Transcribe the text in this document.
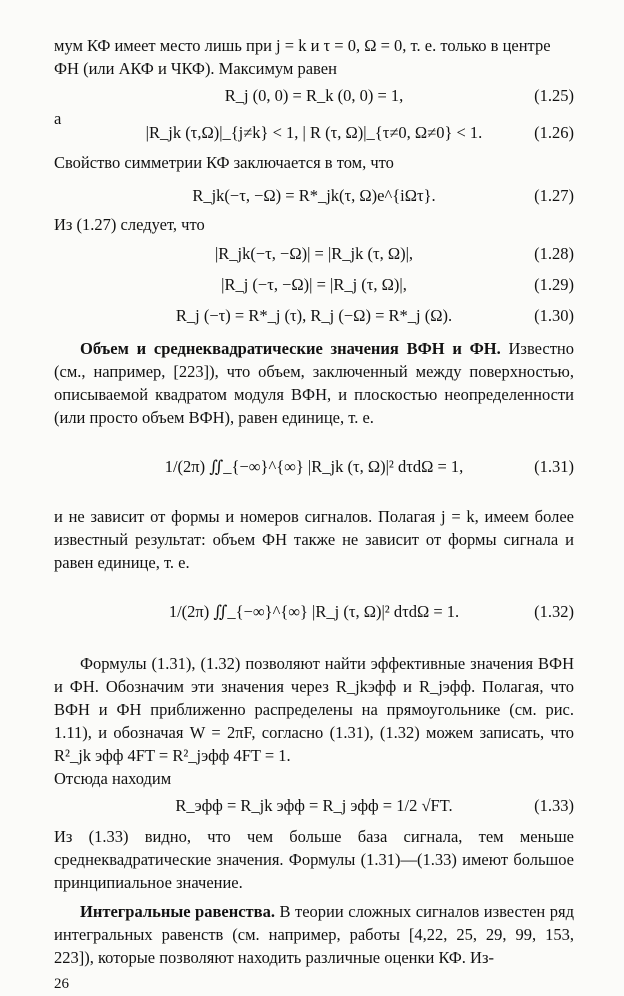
мум КФ имеет место лишь при j = k и τ = 0, Ω = 0, т. е. только в центре ФН (или АКФ и ЧКФ). Максимум равен

R_j (0, 0) = R_k (0, 0) = 1,	(1.25)
а
|R_jk (τ,Ω)|_{j≠k} < 1, | R (τ, Ω)|_{τ≠0, Ω≠0} < 1.	(1.26)

Свойство симметрии КФ заключается в том, что

R_jk(−τ, −Ω) = R*_jk(τ, Ω)e^{iΩτ}.	(1.27)

Из (1.27) следует, что

|R_jk(−τ, −Ω)| = |R_jk (τ, Ω)|,	(1.28)
|R_j (−τ, −Ω)| = |R_j (τ, Ω)|,	(1.29)
R_j (−τ) = R*_j (τ), R_j (−Ω) = R*_j (Ω).	(1.30)

Объем и среднеквадратические значения ВФН и ФН. Известно (см., например, [223]), что объем, заключенный между поверхностью, описываемой квадратом модуля ВФН, и плоскостью неопределенности (или просто объем ВФН), равен единице, т. е.

1/(2π) ∬_{−∞}^{∞} |R_jk (τ, Ω)|² dτdΩ = 1,	(1.31)

и не зависит от формы и номеров сигналов. Полагая j = k, имеем более известный результат: объем ФН также не зависит от формы сигнала и равен единице, т. е.

1/(2π) ∬_{−∞}^{∞} |R_j (τ, Ω)|² dτdΩ = 1.	(1.32)

Формулы (1.31), (1.32) позволяют найти эффективные значения ВФН и ФН. Обозначим эти значения через R_jkэфф и R_jэфф. Полагая, что ВФН и ФН приближенно распределены на прямоугольнике (см. рис. 1.11), и обозначая W = 2πF, согласно (1.31), (1.32) можем записать, что R²_jk эфф 4FT = R²_jэфф 4FT = 1.

Отсюда находим

R_эфф = R_jk эфф = R_j эфф = 1/2 √FT.	(1.33)

Из (1.33) видно, что чем больше база сигнала, тем меньше среднеквадратические значения. Формулы (1.31)—(1.33) имеют большое принципиальное значение.

Интегральные равенства. В теории сложных сигналов известен ряд интегральных равенств (см. например, работы [4,22, 25, 29, 99, 153, 223]), которые позволяют находить различные оценки КФ. Из-

26
